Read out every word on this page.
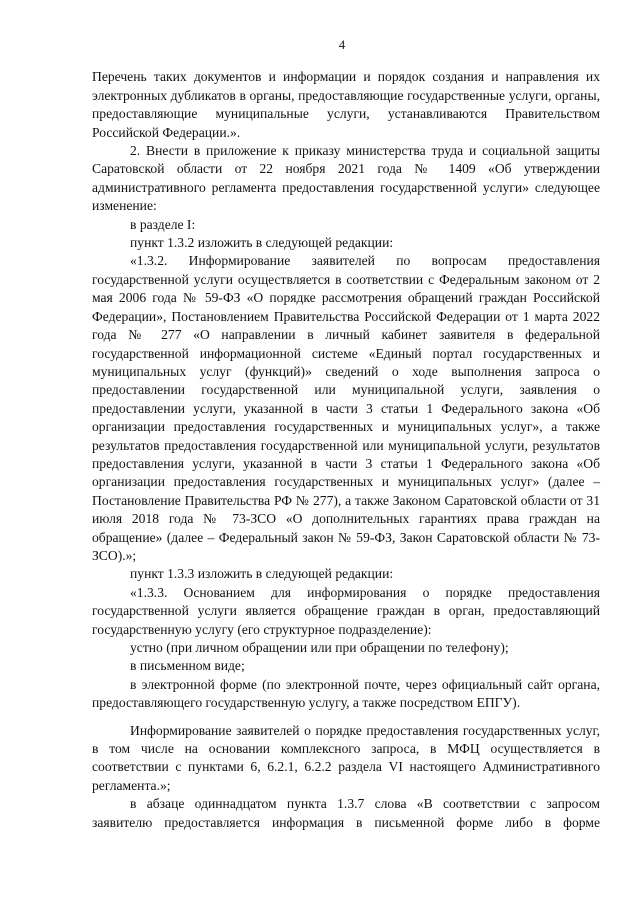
4

Перечень таких документов и информации и порядок создания и направления их электронных дубликатов в органы, предоставляющие государственные услуги, органы, предоставляющие муниципальные услуги, устанавливаются Правительством Российской Федерации.».

2. Внести в приложение к приказу министерства труда и социальной защиты Саратовской области от 22 ноября 2021 года № 1409 «Об утверждении административного регламента предоставления государственной услуги» следующее изменение:

в разделе I:

пункт 1.3.2 изложить в следующей редакции:

«1.3.2. Информирование заявителей по вопросам предоставления государственной услуги осуществляется в соответствии с Федеральным законом от 2 мая 2006 года № 59-ФЗ «О порядке рассмотрения обращений граждан Российской Федерации», Постановлением Правительства Российской Федерации от 1 марта 2022 года № 277 «О направлении в личный кабинет заявителя в федеральной государственной информационной системе «Единый портал государственных и муниципальных услуг (функций)» сведений о ходе выполнения запроса о предоставлении государственной или муниципальной услуги, заявления о предоставлении услуги, указанной в части 3 статьи 1 Федерального закона «Об организации предоставления государственных и муниципальных услуг», а также результатов предоставления государственной или муниципальной услуги, результатов предоставления услуги, указанной в части 3 статьи 1 Федерального закона «Об организации предоставления государственных и муниципальных услуг» (далее – Постановление Правительства РФ № 277), а также Законом Саратовской области от 31 июля 2018 года № 73-ЗСО «О дополнительных гарантиях права граждан на обращение» (далее – Федеральный закон № 59-ФЗ, Закон Саратовской области № 73-ЗСО).»;

пункт 1.3.3 изложить в следующей редакции:

«1.3.3. Основанием для информирования о порядке предоставления государственной услуги является обращение граждан в орган, предоставляющий государственную услугу (его структурное подразделение):

устно (при личном обращении или при обращении по телефону);

в письменном виде;

в электронной форме (по электронной почте, через официальный сайт органа, предоставляющего государственную услугу, а также посредством ЕПГУ).

Информирование заявителей о порядке предоставления государственных услуг, в том числе на основании комплексного запроса, в МФЦ осуществляется в соответствии с пунктами 6, 6.2.1, 6.2.2 раздела VI настоящего Административного регламента.»;

в абзаце одиннадцатом пункта 1.3.7 слова «В соответствии с запросом заявителю предоставляется информация в письменной форме либо в форме
